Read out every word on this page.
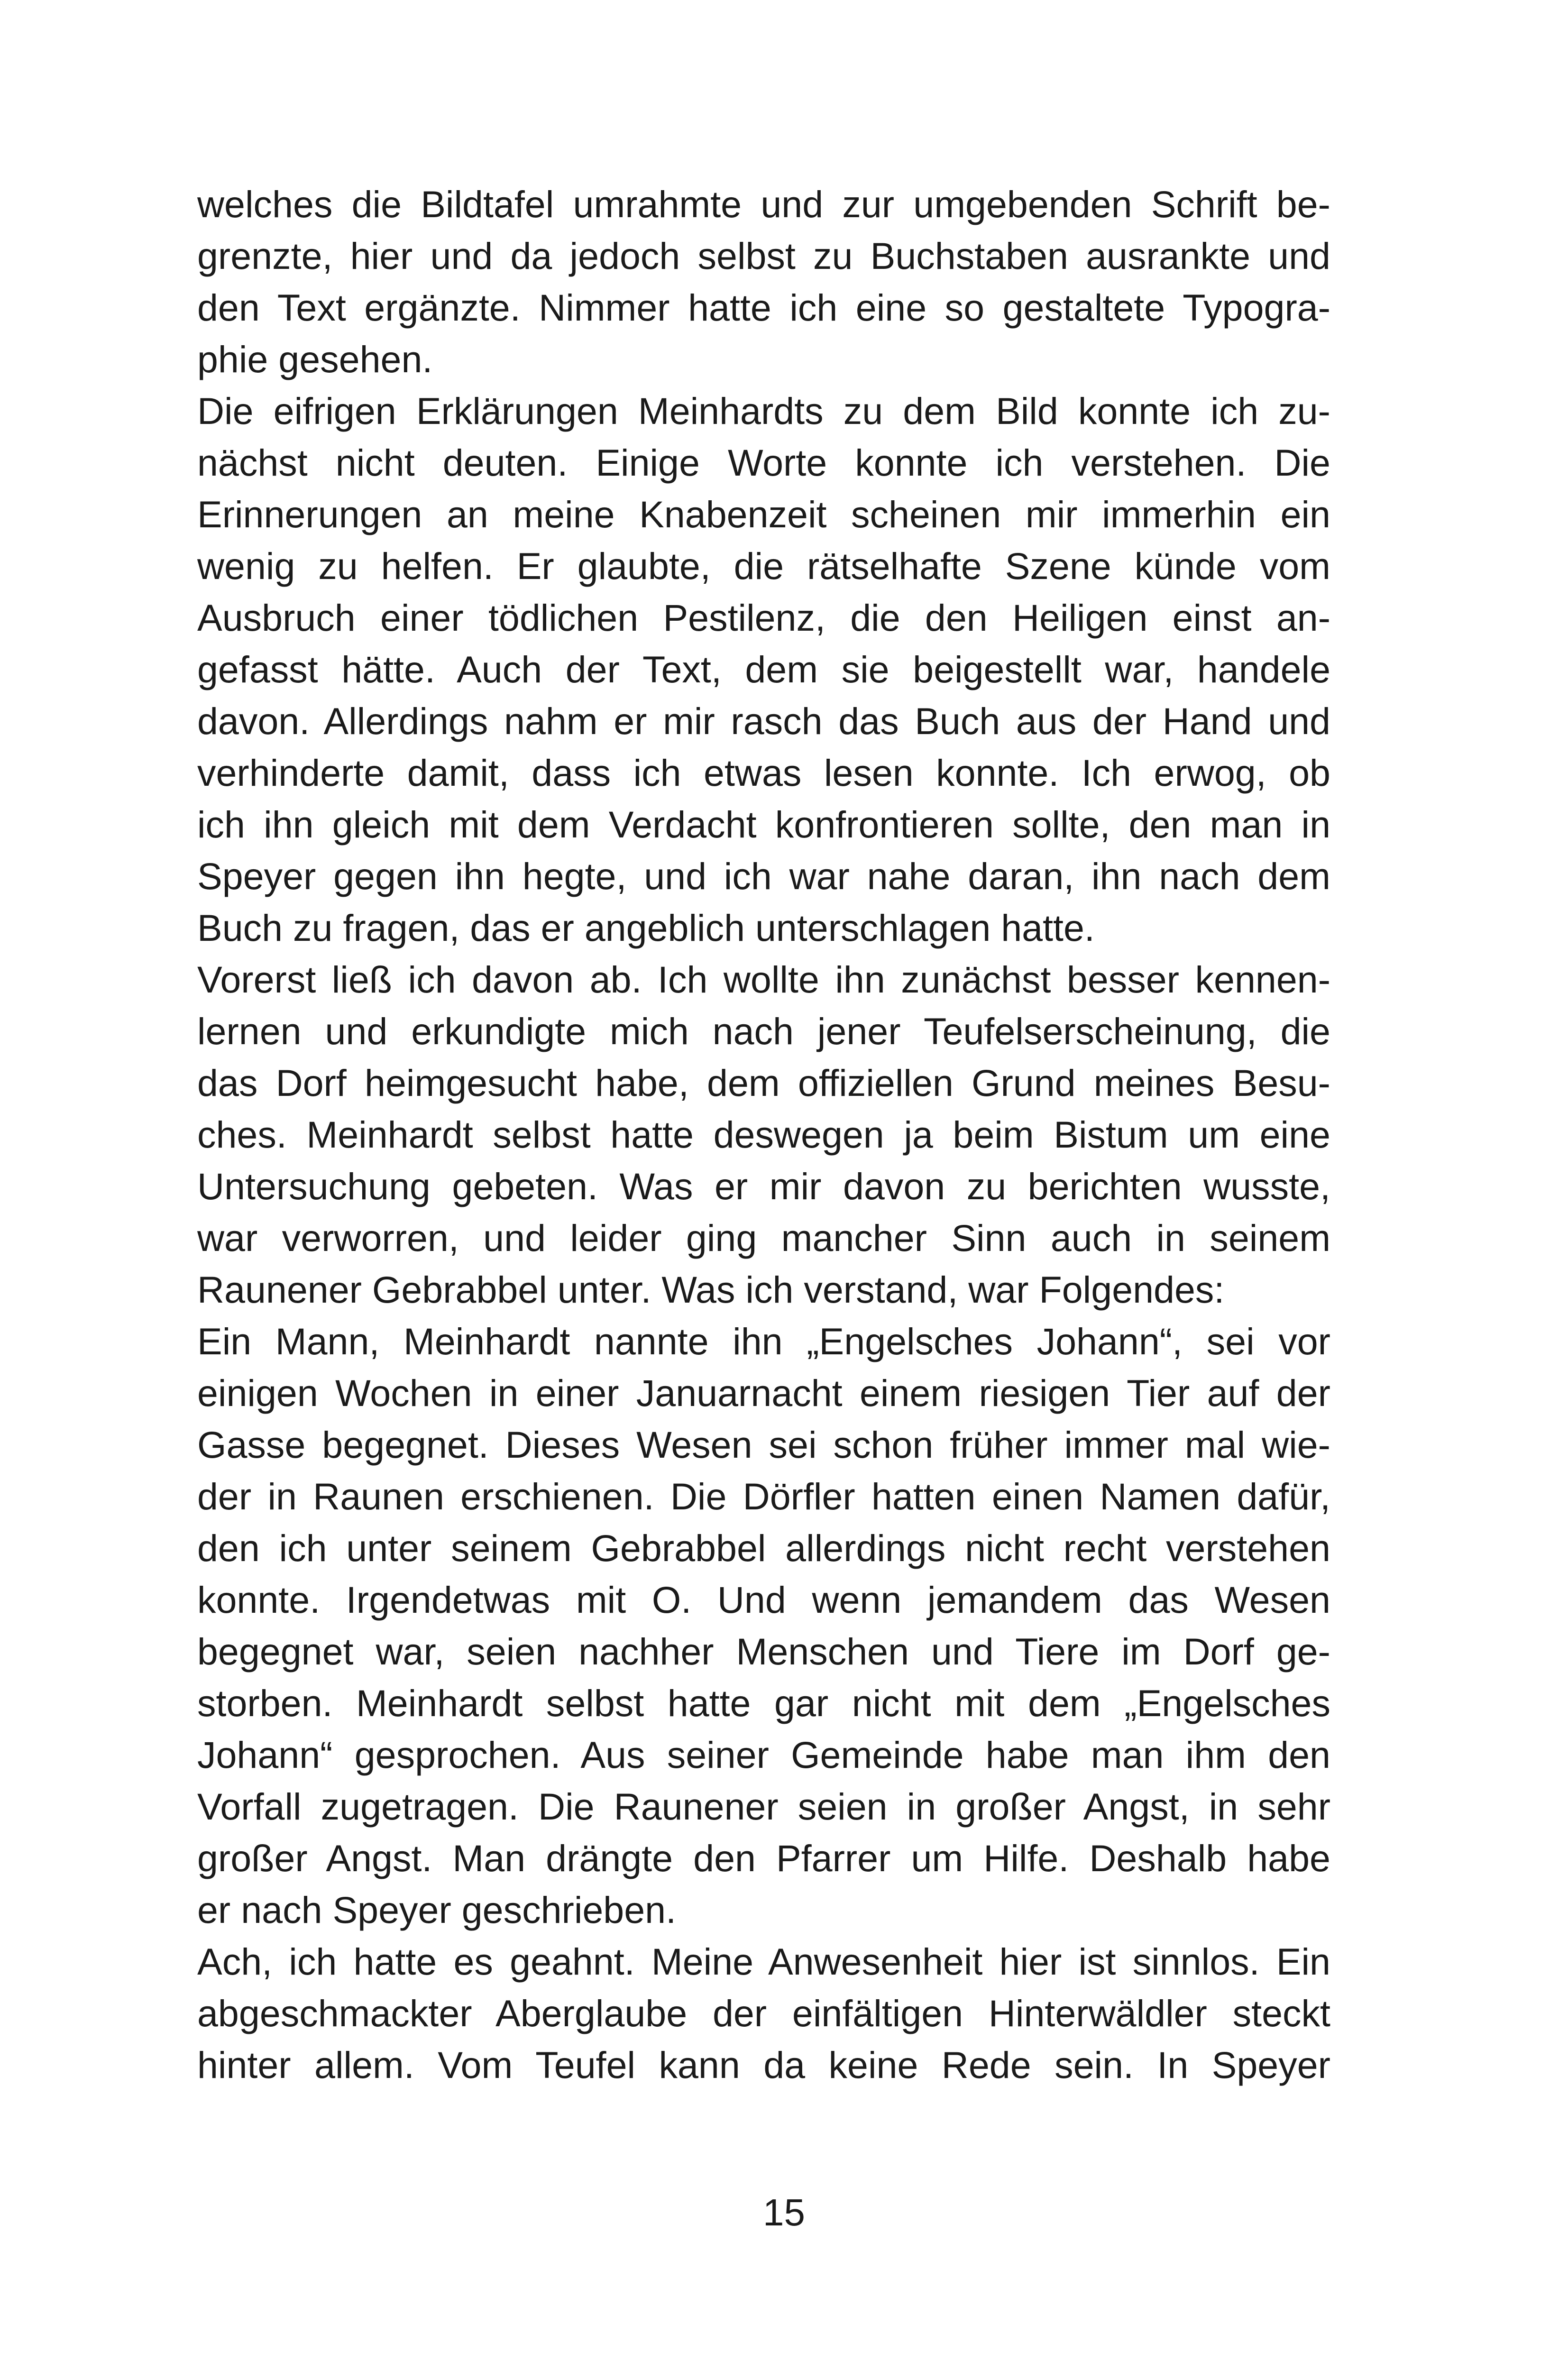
welches die Bildtafel umrahmte und zur umgebenden Schrift be-
grenzte, hier und da jedoch selbst zu Buchstaben ausrankte und
den Text ergänzte. Nimmer hatte ich eine so gestaltete Typogra-
phie gesehen.
Die eifrigen Erklärungen Meinhardts zu dem Bild konnte ich zu-
nächst nicht deuten. Einige Worte konnte ich verstehen. Die
Erinnerungen an meine Knabenzeit scheinen mir immerhin ein
wenig zu helfen. Er glaubte, die rätselhafte Szene künde vom
Ausbruch einer tödlichen Pestilenz, die den Heiligen einst an-
gefasst hätte. Auch der Text, dem sie beigestellt war, handele
davon. Allerdings nahm er mir rasch das Buch aus der Hand und
verhinderte damit, dass ich etwas lesen konnte. Ich erwog, ob
ich ihn gleich mit dem Verdacht konfrontieren sollte, den man in
Speyer gegen ihn hegte, und ich war nahe daran, ihn nach dem
Buch zu fragen, das er angeblich unterschlagen hatte.
Vorerst ließ ich davon ab. Ich wollte ihn zunächst besser kennen-
lernen und erkundigte mich nach jener Teufelserscheinung, die
das Dorf heimgesucht habe, dem offiziellen Grund meines Besu-
ches. Meinhardt selbst hatte deswegen ja beim Bistum um eine
Untersuchung gebeten. Was er mir davon zu berichten wusste,
war verworren, und leider ging mancher Sinn auch in seinem
Raunener Gebrabbel unter. Was ich verstand, war Folgendes:
Ein Mann, Meinhardt nannte ihn „Engelsches Johann“, sei vor
einigen Wochen in einer Januarnacht einem riesigen Tier auf der
Gasse begegnet. Dieses Wesen sei schon früher immer mal wie-
der in Raunen erschienen. Die Dörfler hatten einen Namen dafür,
den ich unter seinem Gebrabbel allerdings nicht recht verstehen
konnte. Irgendetwas mit O. Und wenn jemandem das Wesen
begegnet war, seien nachher Menschen und Tiere im Dorf ge-
storben. Meinhardt selbst hatte gar nicht mit dem „Engelsches
Johann“ gesprochen. Aus seiner Gemeinde habe man ihm den
Vorfall zugetragen. Die Raunener seien in großer Angst, in sehr
großer Angst. Man drängte den Pfarrer um Hilfe. Deshalb habe
er nach Speyer geschrieben.
Ach, ich hatte es geahnt. Meine Anwesenheit hier ist sinnlos. Ein
abgeschmackter Aberglaube der einfältigen Hinterwäldler steckt
hinter allem. Vom Teufel kann da keine Rede sein. In Speyer
15
